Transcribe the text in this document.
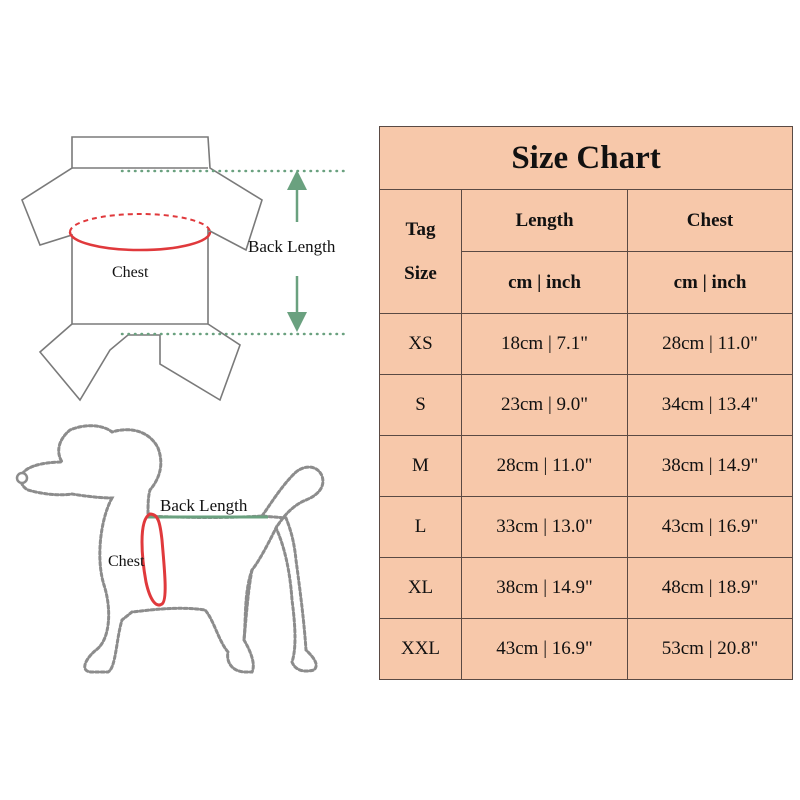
Back Length
Chest
Back Length
Chest
Size Chart		

Tag
Size	Length	Chest
	cm | inch	cm | inch
XS	18cm | 7.1"	28cm | 11.0"
S	23cm | 9.0"	34cm | 13.4"
M	28cm | 11.0"	38cm | 14.9"
L	33cm | 13.0"	43cm | 16.9"
XL	38cm | 14.9"	48cm | 18.9"
XXL	43cm | 16.9"	53cm | 20.8"
